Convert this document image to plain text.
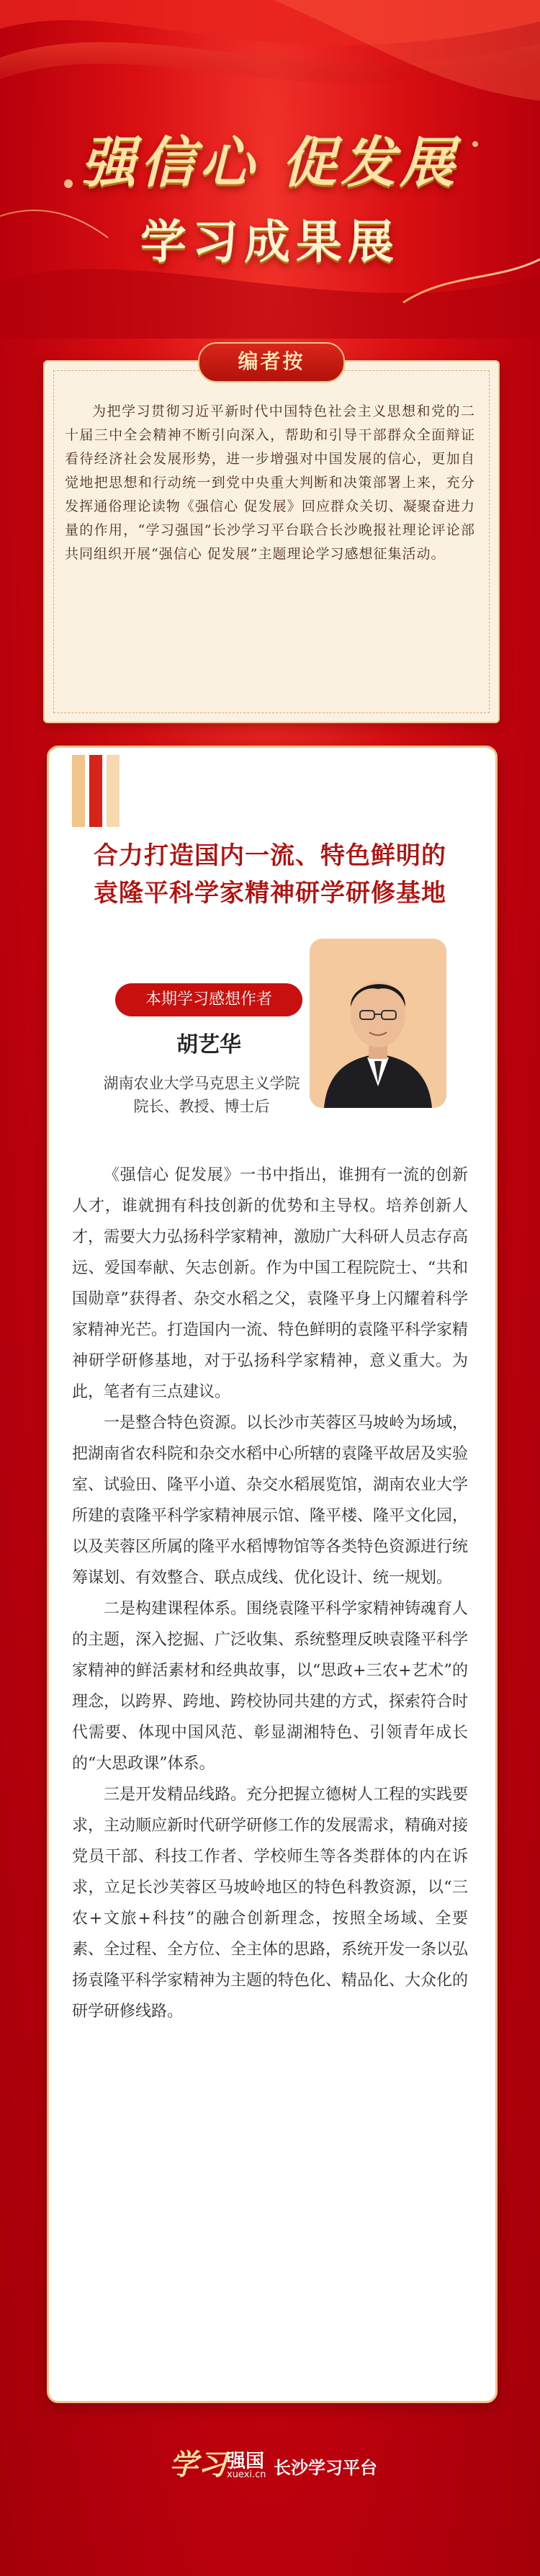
强信心 促发展
学习成果展
编者按
为把学习贯彻习近平新时代中国特色社会主义思想和党的二十届三中全会精神不断引向深入，帮助和引导干部群众全面辩证看待经济社会发展形势，进一步增强对中国发展的信心，更加自觉地把思想和行动统一到党中央重大判断和决策部署上来，充分发挥通俗理论读物《强信心 促发展》回应群众关切、凝聚奋进力量的作用，“学习强国”长沙学习平台联合长沙晚报社理论评论部共同组织开展“强信心 促发展”主题理论学习感想征集活动。
合力打造国内一流、特色鲜明的
袁隆平科学家精神研学研修基地
本期学习感想作者
胡艺华
湖南农业大学马克思主义学院
院长、教授、博士后

《强信心 促发展》一书中指出，谁拥有一流的创新人才，谁就拥有科技创新的优势和主导权。培养创新人才，需要大力弘扬科学家精神，激励广大科研人员志存高远、爱国奉献、矢志创新。作为中国工程院院士、“共和国勋章”获得者、杂交水稻之父，袁隆平身上闪耀着科学家精神光芒。打造国内一流、特色鲜明的袁隆平科学家精神研学研修基地，对于弘扬科学家精神，意义重大。为此，笔者有三点建议。

一是整合特色资源。以长沙市芙蓉区马坡岭为场域，把湖南省农科院和杂交水稻中心所辖的袁隆平故居及实验室、试验田、隆平小道、杂交水稻展览馆，湖南农业大学所建的袁隆平科学家精神展示馆、隆平楼、隆平文化园，以及芙蓉区所属的隆平水稻博物馆等各类特色资源进行统筹谋划、有效整合、联点成线、优化设计、统一规划。

二是构建课程体系。围绕袁隆平科学家精神铸魂育人的主题，深入挖掘、广泛收集、系统整理反映袁隆平科学家精神的鲜活素材和经典故事，以“思政+三农+艺术”的理念，以跨界、跨地、跨校协同共建的方式，探索符合时代需要、体现中国风范、彰显湖湘特色、引领青年成长的“大思政课”体系。

三是开发精品线路。充分把握立德树人工程的实践要求，主动顺应新时代研学研修工作的发展需求，精确对接党员干部、科技工作者、学校师生等各类群体的内在诉求，立足长沙芙蓉区马坡岭地区的特色科教资源，以“三农+文旅+科技”的融合创新理念，按照全场域、全要素、全过程、全方位、全主体的思路，系统开发一条以弘扬袁隆平科学家精神为主题的特色化、精品化、大众化的研学研修线路。

学习 强国
xuexi.cn 长沙学习平台
